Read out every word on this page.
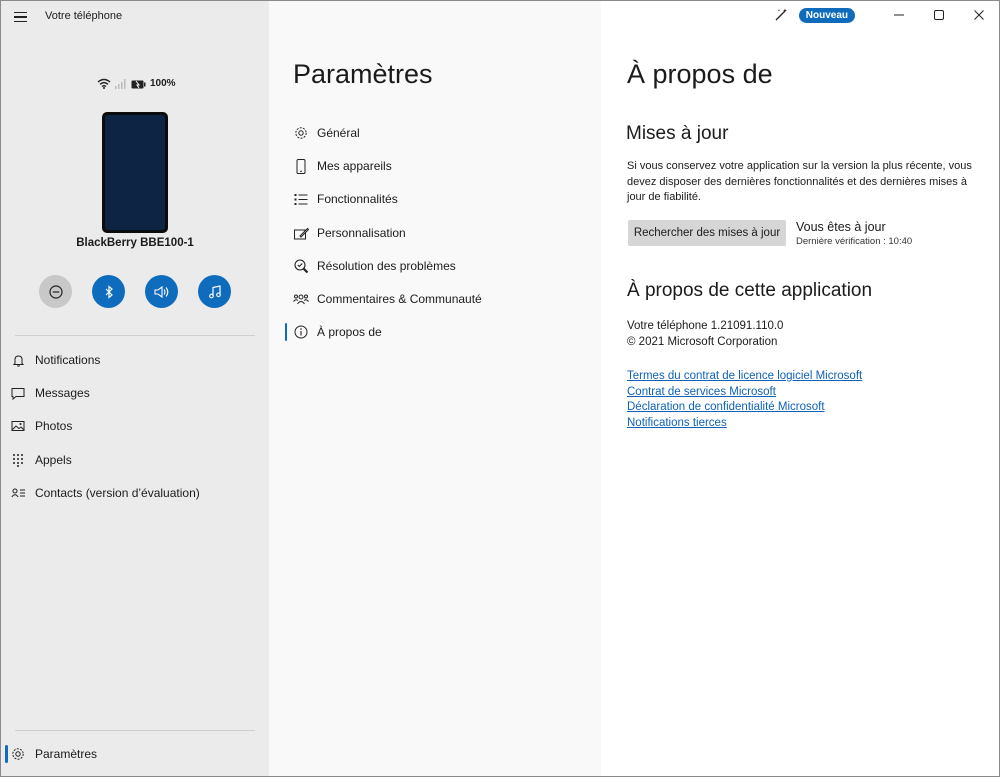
Votre téléphone
100%
BlackBerry BBE100-1
Notifications
Messages
Photos
Appels
Contacts (version d’évaluation)
Paramètres
Paramètres
Général
Mes appareils
Fonctionnalités
Personnalisation
Résolution des problèmes
Commentaires & Communauté
À propos de
Nouveau
À propos de
Mises à jour

Si vous conservez votre application sur la version la plus récente, vous devez disposer des dernières fonctionnalités et des dernières mises à jour de fiabilité.

Rechercher des mises à jour	Vous êtes à jour
Dernière vérification : 10:40
À propos de cette application
Votre téléphone 1.21091.110.0
© 2021 Microsoft Corporation
Termes du contrat de licence logiciel Microsoft
Contrat de services Microsoft
Déclaration de confidentialité Microsoft
Notifications tierces
